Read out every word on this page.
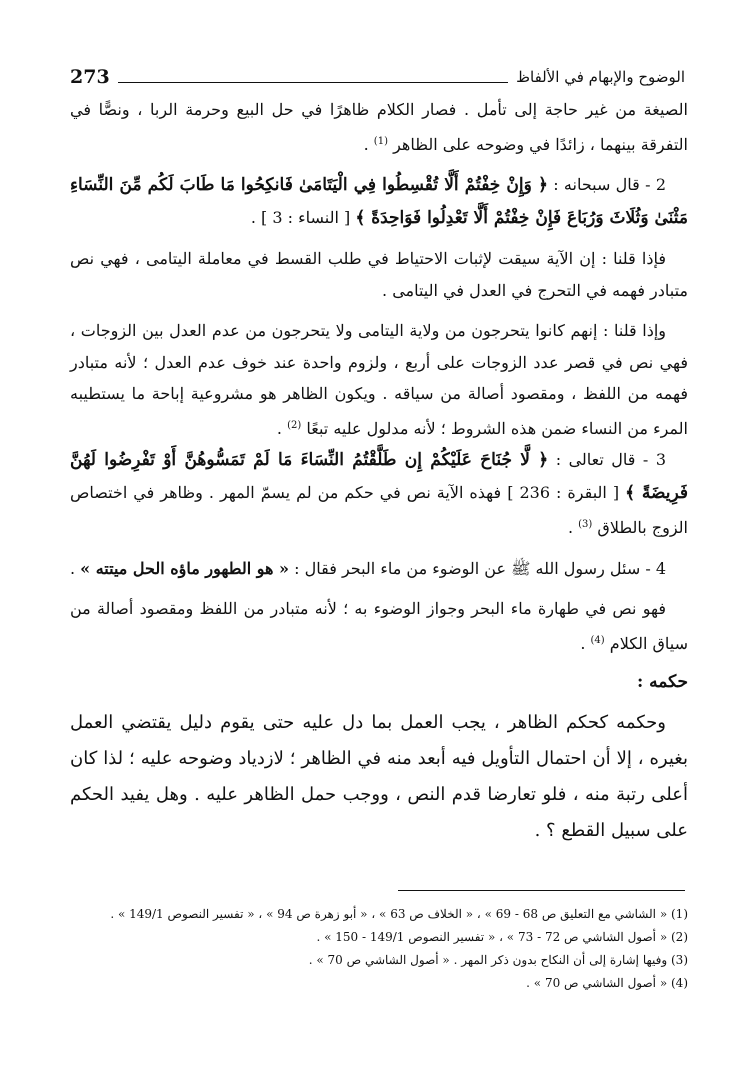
273	الوضوح والإبهام في الألفاظ

الصيغة من غير حاجة إلى تأمل . فصار الكلام ظاهرًا في حل البيع وحرمة الربا ، ونصًّا في التفرقة بينهما ، زائدًا في وضوحه على الظاهر $^{(1)}$ .

2 - قال سبحانه : ﴿ وَإِنْ خِفْتُمْ أَلَّا تُقْسِطُوا فِي الْيَتَامَىٰ فَانكِحُوا مَا طَابَ لَكُم مِّنَ النِّسَاءِ مَثْنَىٰ وَثُلَاثَ وَرُبَاعَ فَإِنْ خِفْتُمْ أَلَّا تَعْدِلُوا فَوَاحِدَةً ﴾ [ النساء : 3 ] .

فإذا قلنا : إن الآية سيقت لإثبات الاحتياط في طلب القسط في معاملة اليتامى ، فهي نص متبادر فهمه في التحرج في العدل في اليتامى .

وإذا قلنا : إنهم كانوا يتحرجون من ولاية اليتامى ولا يتحرجون من عدم العدل بين الزوجات ، فهي نص في قصر عدد الزوجات على أربع ، ولزوم واحدة عند خوف عدم العدل ؛ لأنه متبادر فهمه من اللفظ ، ومقصود أصالة من سياقه . ويكون الظاهر هو مشروعية إباحة ما يستطيبه المرء من النساء ضمن هذه الشروط ؛ لأنه مدلول عليه تبعًا $^{(2)}$ .

3 - قال تعالى : ﴿ لَّا جُنَاحَ عَلَيْكُمْ إِن طَلَّقْتُمُ النِّسَاءَ مَا لَمْ تَمَسُّوهُنَّ أَوْ تَفْرِضُوا لَهُنَّ فَرِيضَةً ﴾ [ البقرة : 236 ] فهذه الآية نص في حكم من لم يسمّ المهر . وظاهر في اختصاص الزوج بالطلاق $^{(3)}$ .

4 - سئل رسول الله ﷺ عن الوضوء من ماء البحر فقال : « هو الطهور ماؤه الحل ميتته » .

فهو نص في طهارة ماء البحر وجواز الوضوء به ؛ لأنه متبادر من اللفظ ومقصود أصالة من سياق الكلام $^{(4)}$ .

حكمه :

وحكمه كحكم الظاهر ، يجب العمل بما دل عليه حتى يقوم دليل يقتضي العمل بغيره ، إلا أن احتمال التأويل فيه أبعد منه في الظاهر ؛ لازدياد وضوحه عليه ؛ لذا كان أعلى رتبة منه ، فلو تعارضا قدم النص ، ووجب حمل الظاهر عليه . وهل يفيد الحكم على سبيل القطع ؟ .

(1) « الشاشي مع التعليق ص 68 - 69 » ، « الخلاف ص 63 » ، « أبو زهرة ص 94 » ، « تفسير النصوص 149/1 » .

(2) « أصول الشاشي ص 72 - 73 » ، « تفسير النصوص 149/1 - 150 » .

(3) وفيها إشارة إلى أن النكاح بدون ذكر المهر . « أصول الشاشي ص 70 » .

(4) « أصول الشاشي ص 70 » .
